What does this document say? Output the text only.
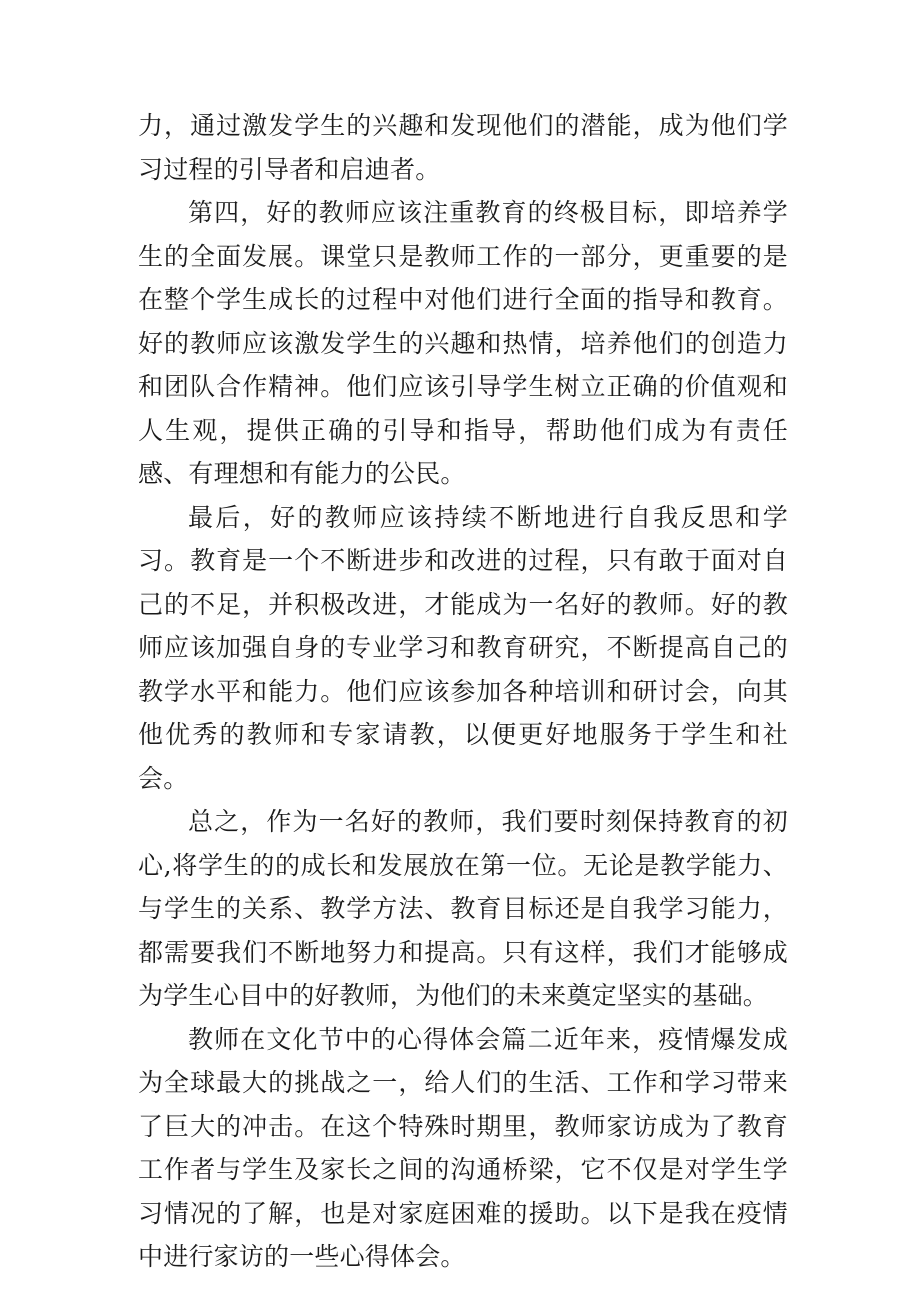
力，通过激发学生的兴趣和发现他们的潜能，成为他们学习过程的引导者和启迪者。

第四，好的教师应该注重教育的终极目标，即培养学生的全面发展。课堂只是教师工作的一部分，更重要的是在整个学生成长的过程中对他们进行全面的指导和教育。好的教师应该激发学生的兴趣和热情，培养他们的创造力和团队合作精神。他们应该引导学生树立正确的价值观和人生观，提供正确的引导和指导，帮助他们成为有责任感、有理想和有能力的公民。

最后，好的教师应该持续不断地进行自我反思和学习。教育是一个不断进步和改进的过程，只有敢于面对自己的不足，并积极改进，才能成为一名好的教师。好的教师应该加强自身的专业学习和教育研究，不断提高自己的教学水平和能力。他们应该参加各种培训和研讨会，向其他优秀的教师和专家请教，以便更好地服务于学生和社会。

总之，作为一名好的教师，我们要时刻保持教育的初心,将学生的的成长和发展放在第一位。无论是教学能力、与学生的关系、教学方法、教育目标还是自我学习能力，都需要我们不断地努力和提高。只有这样，我们才能够成为学生心目中的好教师，为他们的未来奠定坚实的基础。

教师在文化节中的心得体会篇二近年来，疫情爆发成为全球最大的挑战之一，给人们的生活、工作和学习带来了巨大的冲击。在这个特殊时期里，教师家访成为了教育工作者与学生及家长之间的沟通桥梁，它不仅是对学生学习情况的了解，也是对家庭困难的援助。以下是我在疫情中进行家访的一些心得体会。
